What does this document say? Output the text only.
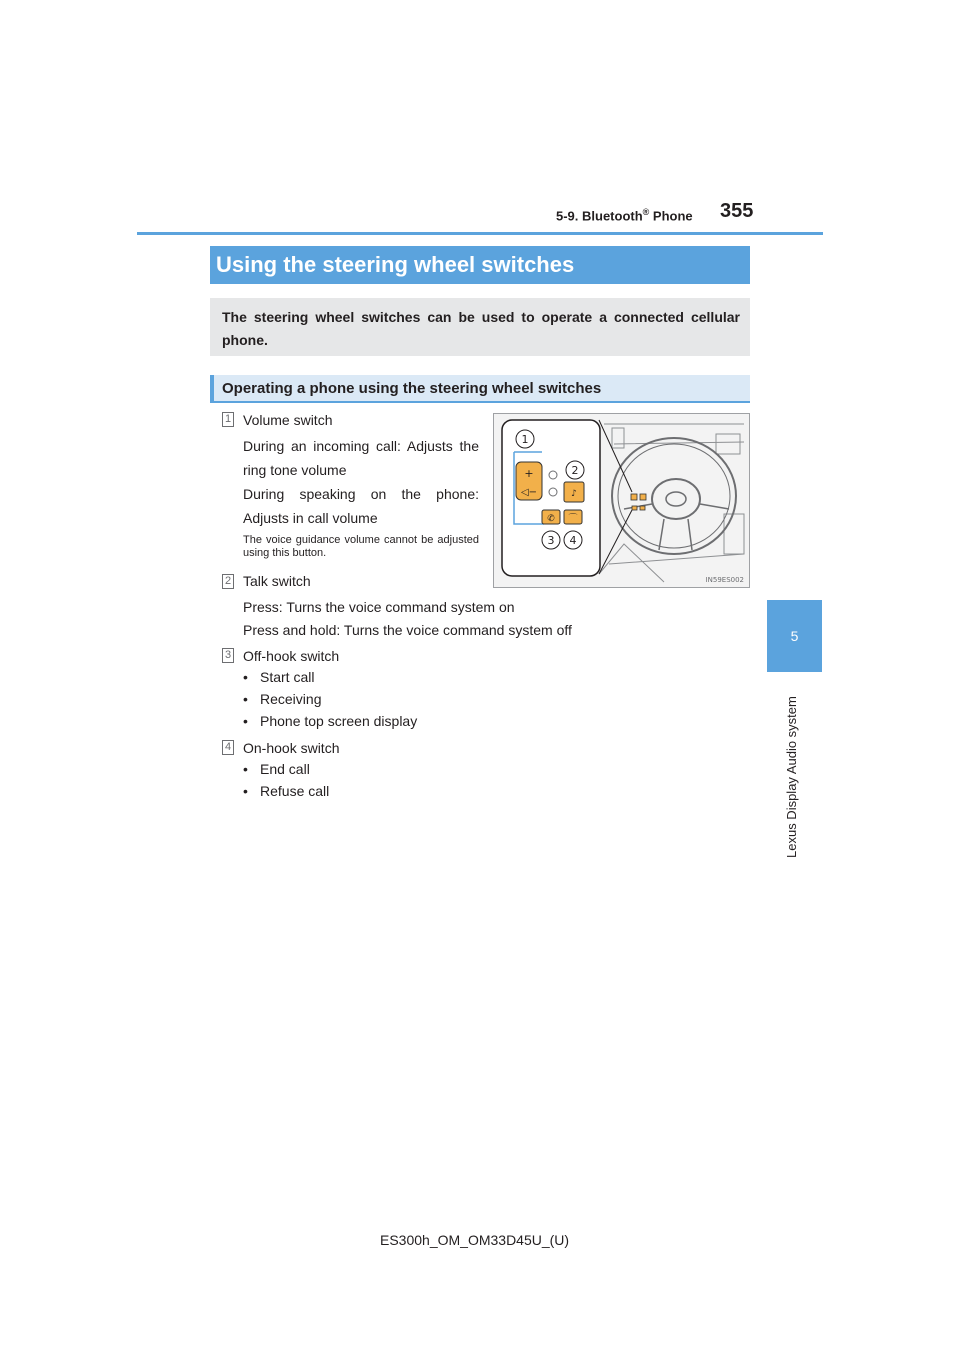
5-9. Bluetooth® Phone 355
5
Lexus Display Audio system
Using the steering wheel switches
The steering wheel switches can be used to operate a connected cellular phone.
Operating a phone using the steering wheel switches
1 Volume switch
During an incoming call: Adjusts the ring tone volume
During speaking on the phone: Adjusts in call volume
The voice guidance volume cannot be adjusted using this button.
+
◁−	♪
✆ ⌒
1
2
3 4
IN59ES002
2 Talk switch
Press: Turns the voice command system on
Press and hold: Turns the voice command system off
3 Off-hook switch
• Start call
• Receiving
• Phone top screen display
4 On-hook switch
• End call
• Refuse call
ES300h_OM_OM33D45U_(U)
